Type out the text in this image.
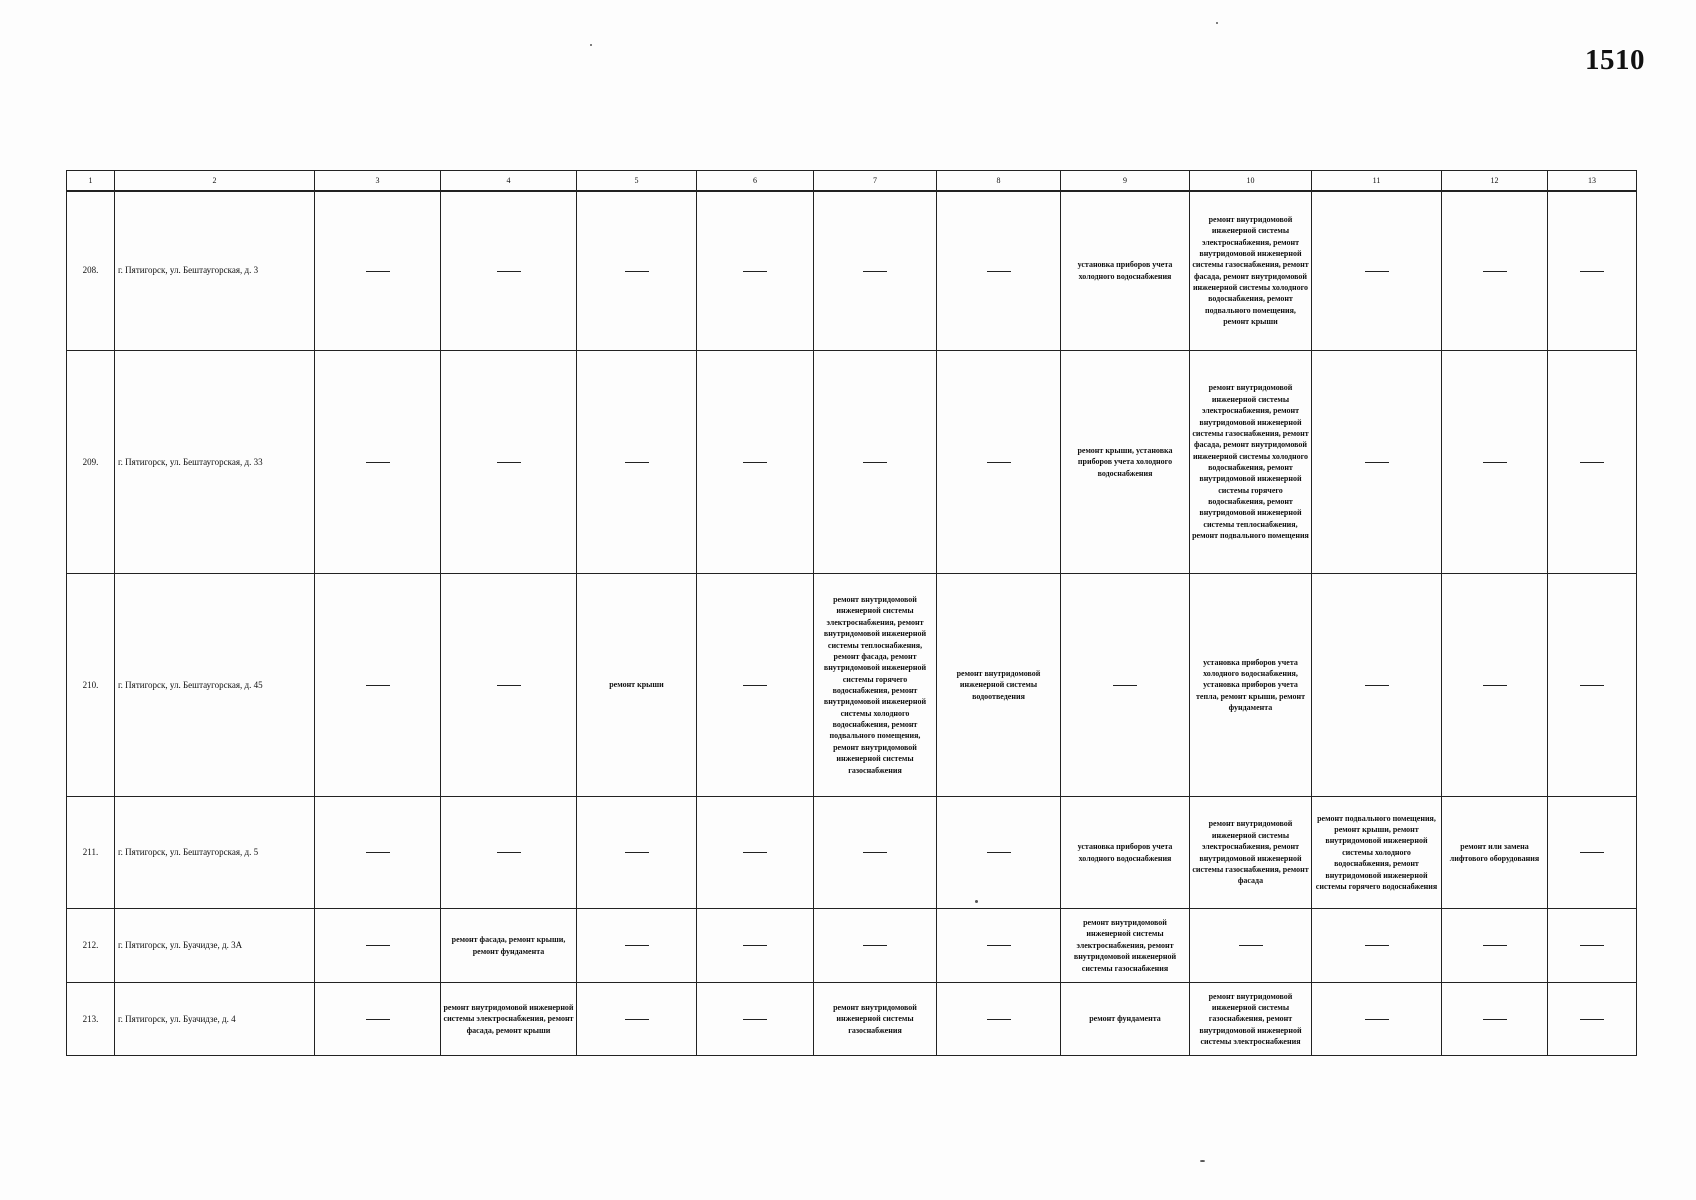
1510
1	2	3	4	5	6	7	8	9	10	11	12	13
208.	г. Пятигорск, ул. Бештаугорская, д. 3							установка приборов учета холодного водоснабжения	ремонт внутридомовой инженерной системы электроснабжения, ремонт внутридомовой инженерной системы газоснабжения, ремонт фасада, ремонт внутридомовой инженерной системы холодного водоснабжения, ремонт подвального помещения, ремонт крыши			
209.	г. Пятигорск, ул. Бештаугорская, д. 33							ремонт крыши, установка приборов учета холодного водоснабжения	ремонт внутридомовой инженерной системы электроснабжения, ремонт внутридомовой инженерной системы газоснабжения, ремонт фасада, ремонт внутридомовой инженерной системы холодного водоснабжения, ремонт внутридомовой инженерной системы горячего водоснабжения, ремонт внутридомовой инженерной системы теплоснабжения, ремонт подвального помещения			
210.	г. Пятигорск, ул. Бештаугорская, д. 45			ремонт крыши		ремонт внутридомовой инженерной системы электроснабжения, ремонт внутридомовой инженерной системы теплоснабжения, ремонт фасада, ремонт внутридомовой инженерной системы горячего водоснабжения, ремонт внутридомовой инженерной системы холодного водоснабжения, ремонт подвального помещения, ремонт внутридомовой инженерной системы газоснабжения	ремонт внутридомовой инженерной системы водоотведения		установка приборов учета холодного водоснабжения, установка приборов учета тепла, ремонт крыши, ремонт фундамента			
211.	г. Пятигорск, ул. Бештаугорская, д. 5							установка приборов учета холодного водоснабжения	ремонт внутридомовой инженерной системы электроснабжения, ремонт внутридомовой инженерной системы газоснабжения, ремонт фасада	ремонт подвального помещения, ремонт крыши, ремонт внутридомовой инженерной системы холодного водоснабжения, ремонт внутридомовой инженерной системы горячего водоснабжения	ремонт или замена лифтового оборудования	
212.	г. Пятигорск, ул. Буачидзе, д. 3А		ремонт фасада, ремонт крыши, ремонт фундамента					ремонт внутридомовой инженерной системы электроснабжения, ремонт внутридомовой инженерной системы газоснабжения				
213.	г. Пятигорск, ул. Буачидзе, д. 4		ремонт внутридомовой инженерной системы электроснабжения, ремонт фасада, ремонт крыши			ремонт внутридомовой инженерной системы газоснабжения		ремонт фундамента	ремонт внутридомовой инженерной системы газоснабжения, ремонт внутридомовой инженерной системы электроснабжения			
